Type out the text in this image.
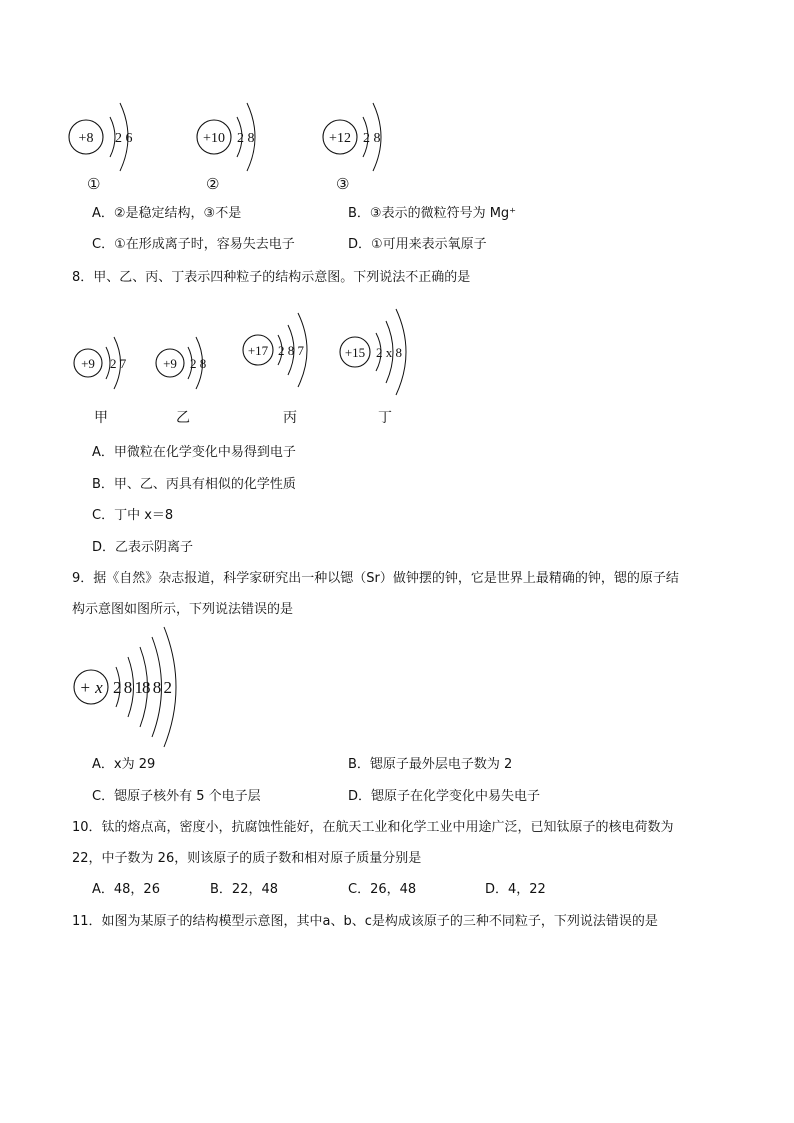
+8 2 6
①
+10 2 8
②
+12 2 8
③
A．②是稳定结构，③不是	B．③表示的微粒符号为 Mg⁺
C．①在形成离子时，容易失去电子	D．①可用来表示氧原子
8．甲、乙、丙、丁表示四种粒子的结构示意图。下列说法不正确的是
+9 2 7
甲
+9 2 8
乙
+17 2 8 7
丙
+15 2 x 8
丁
A．甲微粒在化学变化中易得到电子
B．甲、乙、丙具有相似的化学性质
C．丁中 x＝8
D．乙表示阴离子
9．据《自然》杂志报道，科学家研究出一种以锶（Sr）做钟摆的钟，它是世界上最精确的钟，锶的原子结
构示意图如图所示，下列说法错误的是
+ x 2 8 18 8 2
A．x为 29	B．锶原子最外层电子数为 2
C．锶原子核外有 5 个电子层	D．锶原子在化学变化中易失电子
10．钛的熔点高，密度小，抗腐蚀性能好，在航天工业和化学工业中用途广泛，已知钛原子的核电荷数为
22，中子数为 26，则该原子的质子数和相对原子质量分别是
A．48，26	B．22，48	C．26，48	D．4，22
11．如图为某原子的结构模型示意图，其中a、b、c是构成该原子的三种不同粒子，下列说法错误的是
